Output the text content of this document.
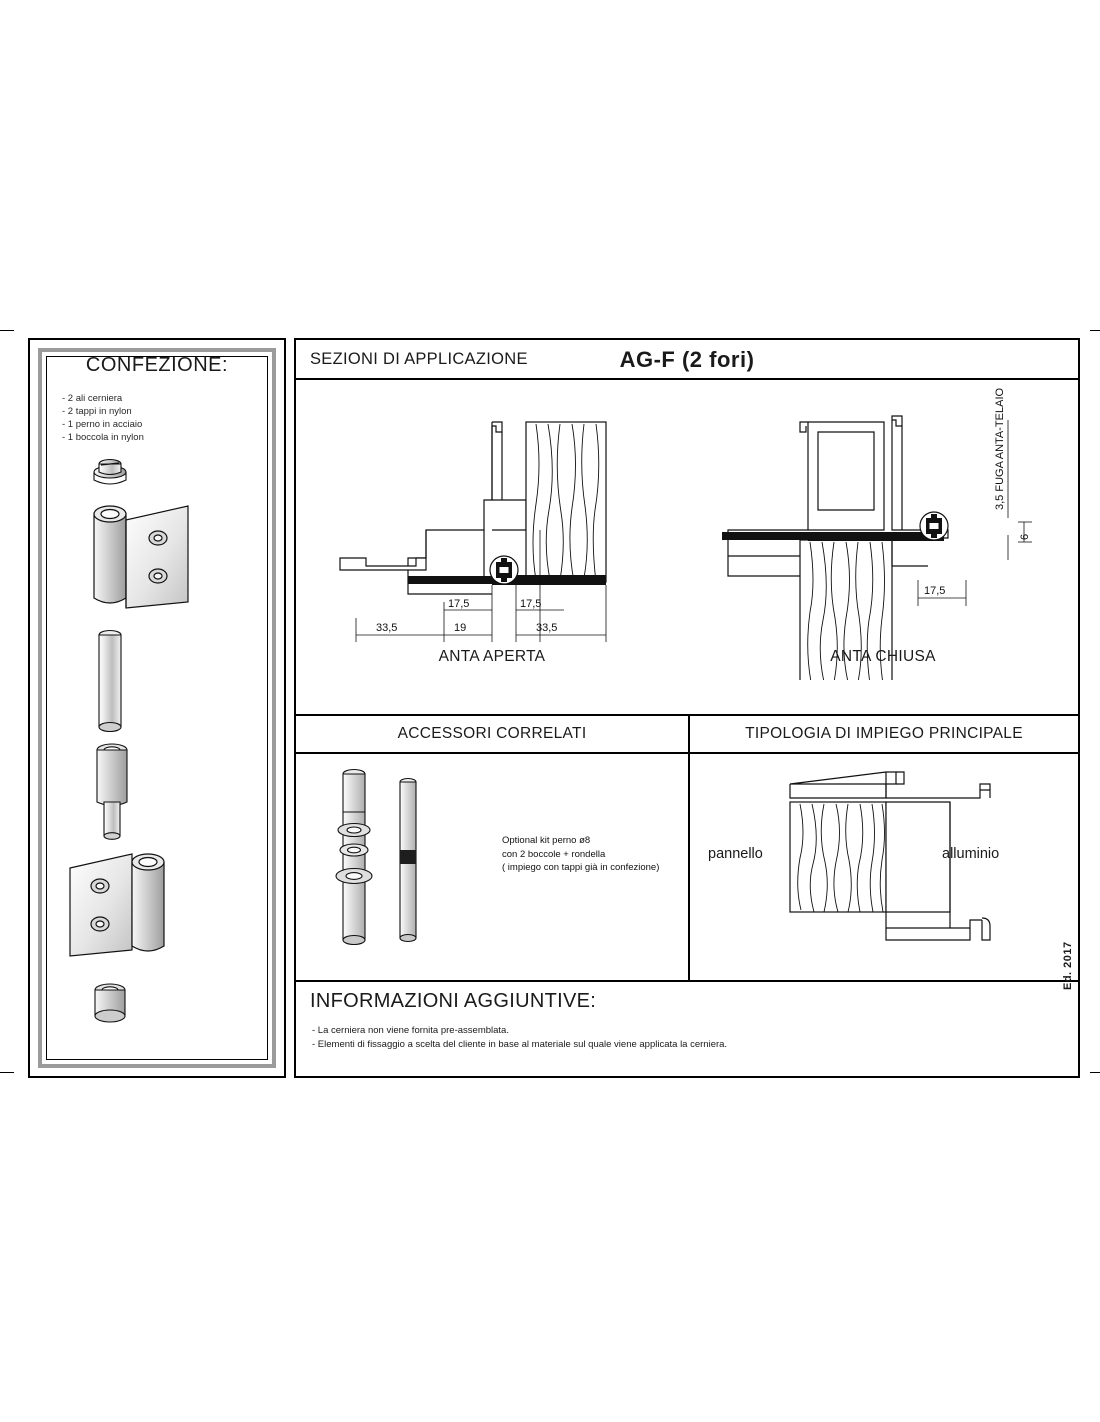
CONFEZIONE:
- 2 ali cerniera
- 2 tappi in nylon
- 1 perno in acciaio
- 1 boccola in nylon
SEZIONI DI APPLICAZIONE	AG-F (2 fori)
17,5	17,5
33,5	19	33,5
ANTA APERTA
3,5 FUGA ANTA-TELAIO
6
17,5
ANTA CHIUSA
ACCESSORI CORRELATI	TIPOLOGIA DI IMPIEGO PRINCIPALE
Optional kit perno ø8
con 2 boccole + rondella
( impiego con tappi già in confezione)
pannello	alluminio
INFORMAZIONI AGGIUNTIVE:
- La cerniera non viene fornita pre-assemblata.
- Elementi di fissaggio a scelta del cliente in base al materiale sul quale viene applicata la cerniera.
Ed. 2017
